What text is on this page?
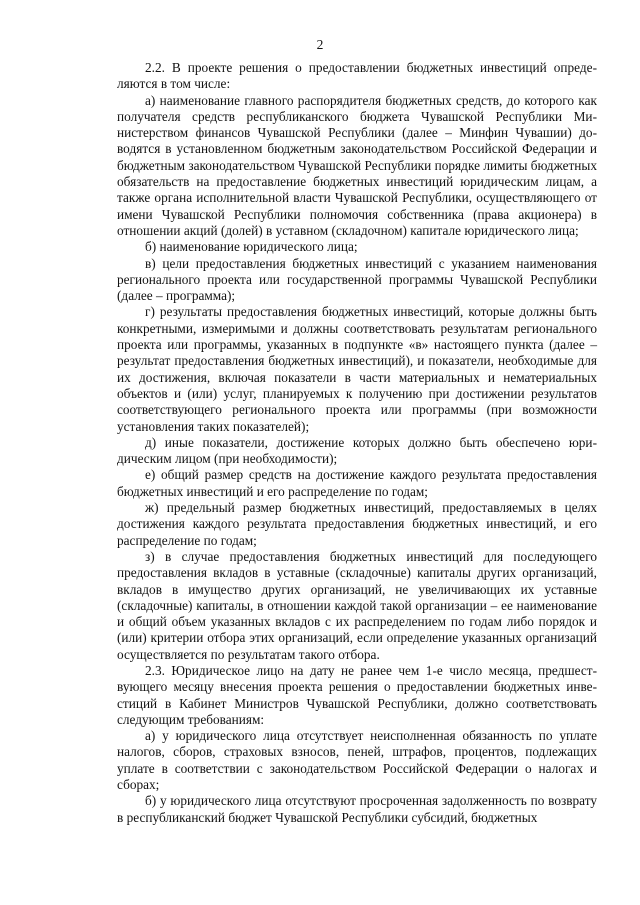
2

2.2. В проекте решения о предоставлении бюджетных инвестиций определяются в том числе:

а) наименование главного распорядителя бюджетных средств, до которого как получателя средств республиканского бюджета Чувашской Республики Министерством финансов Чувашской Республики (далее – Минфин Чувашии) доводятся в установленном бюджетным законодательством Российской Федерации и бюджетным законодательством Чувашской Республики порядке лимиты бюджетных обязательств на предоставление бюджетных инвестиций юридическим лицам, а также органа исполнительной власти Чувашской Республики, осуществляющего от имени Чувашской Республики полномочия собственника (права акционера) в отношении акций (долей) в уставном (складочном) капитале юридического лица;

б) наименование юридического лица;

в) цели предоставления бюджетных инвестиций с указанием наименования регионального проекта или государственной программы Чувашской Республики (далее – программа);

г) результаты предоставления бюджетных инвестиций, которые должны быть конкретными, измеримыми и должны соответствовать результатам регионального проекта или программы, указанных в подпункте «в» настоящего пункта (далее – результат предоставления бюджетных инвестиций), и показатели, необходимые для их достижения, включая показатели в части материальных и нематериальных объектов и (или) услуг, планируемых к получению при достижении результатов соответствующего регионального проекта или программы (при возможности установления таких показателей);

д) иные показатели, достижение которых должно быть обеспечено юридическим лицом (при необходимости);

е) общий размер средств на достижение каждого результата предоставления бюджетных инвестиций и его распределение по годам;

ж) предельный размер бюджетных инвестиций, предоставляемых в целях достижения каждого результата предоставления бюджетных инвестиций, и его распределение по годам;

з) в случае предоставления бюджетных инвестиций для последующего предоставления вкладов в уставные (складочные) капиталы других организаций, вкладов в имущество других организаций, не увеличивающих их уставные (складочные) капиталы, в отношении каждой такой организации – ее наименование и общий объем указанных вкладов с их распределением по годам либо порядок и (или) критерии отбора этих организаций, если определение указанных организаций осуществляется по результатам такого отбора.

2.3. Юридическое лицо на дату не ранее чем 1-е число месяца, предшествующего месяцу внесения проекта решения о предоставлении бюджетных инвестиций в Кабинет Министров Чувашской Республики, должно соответствовать следующим требованиям:

а) у юридического лица отсутствует неисполненная обязанность по уплате налогов, сборов, страховых взносов, пеней, штрафов, процентов, подлежащих уплате в соответствии с законодательством Российской Федерации о налогах и сборах;

б) у юридического лица отсутствуют просроченная задолженность по возврату в республиканский бюджет Чувашской Республики субсидий, бюджетных
